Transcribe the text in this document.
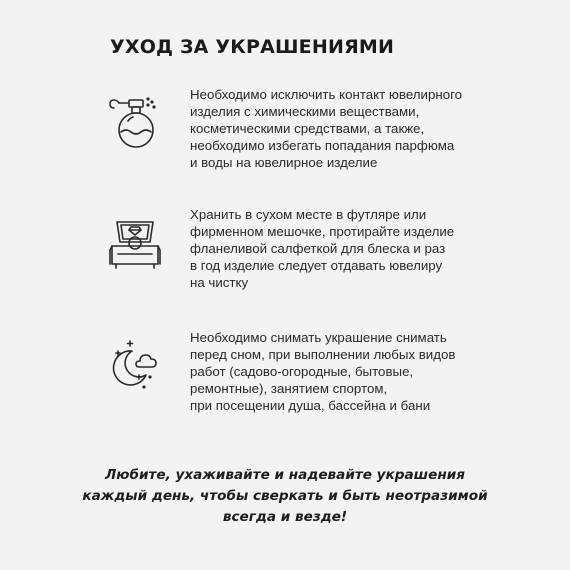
УХОД ЗА УКРАШЕНИЯМИ
Необходимо исключить контакт ювелирного
изделия с химическими веществами,
косметическими средствами, а также,
необходимо избегать попадания парфюма
и воды на ювелирное изделие
Хранить в сухом месте в футляре или
фирменном мешочке, протирайте изделие
фланеливой салфеткой для блеска и раз
в год изделие следует отдавать ювелиру
на чистку
Необходимо снимать украшение снимать
перед сном, при выполнении любых видов
работ (садово-огородные, бытовые,
ремонтные), занятием спортом,
при посещении душа, бассейна и бани
Любите, ухаживайте и надевайте украшения
каждый день, чтобы сверкать и быть неотразимой
всегда и везде!
